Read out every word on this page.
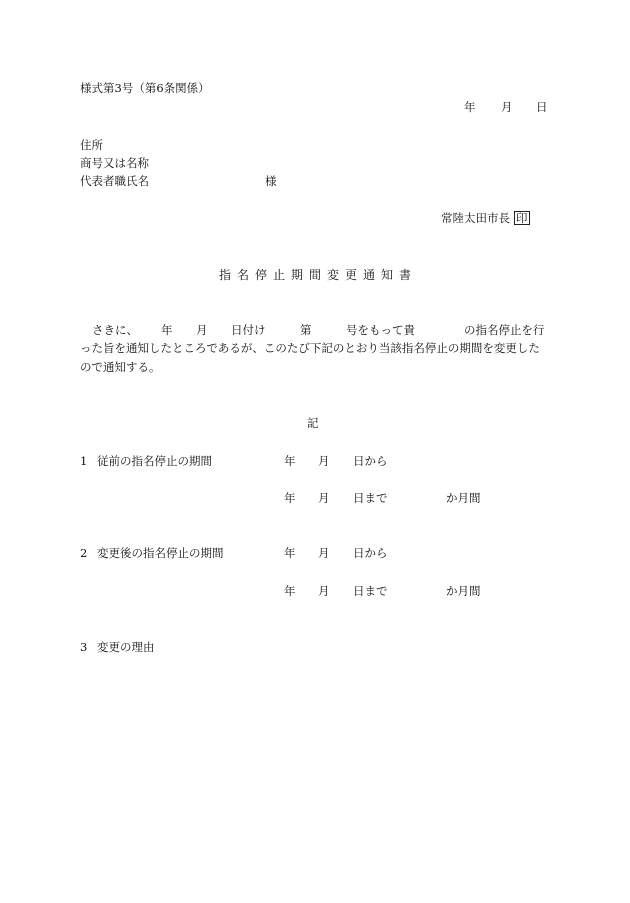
様式第3号（第6条関係）
年 月 日
住所
商号又は名称
代表者職氏名	様
常陸太田市長 印
指名停止期間変更通知書
さきに、 年 月 日付け	第	号をもって貴	の指名停止を行
った旨を通知したところであるが、このたび下記のとおり当該指名停止の期間を変更した
ので通知する。
記
1 従前の指名停止の期間	年 月 日から
年 月 日まで	か月間
2 変更後の指名停止の期間	年 月 日から
年 月 日まで	か月間
3 変更の理由
